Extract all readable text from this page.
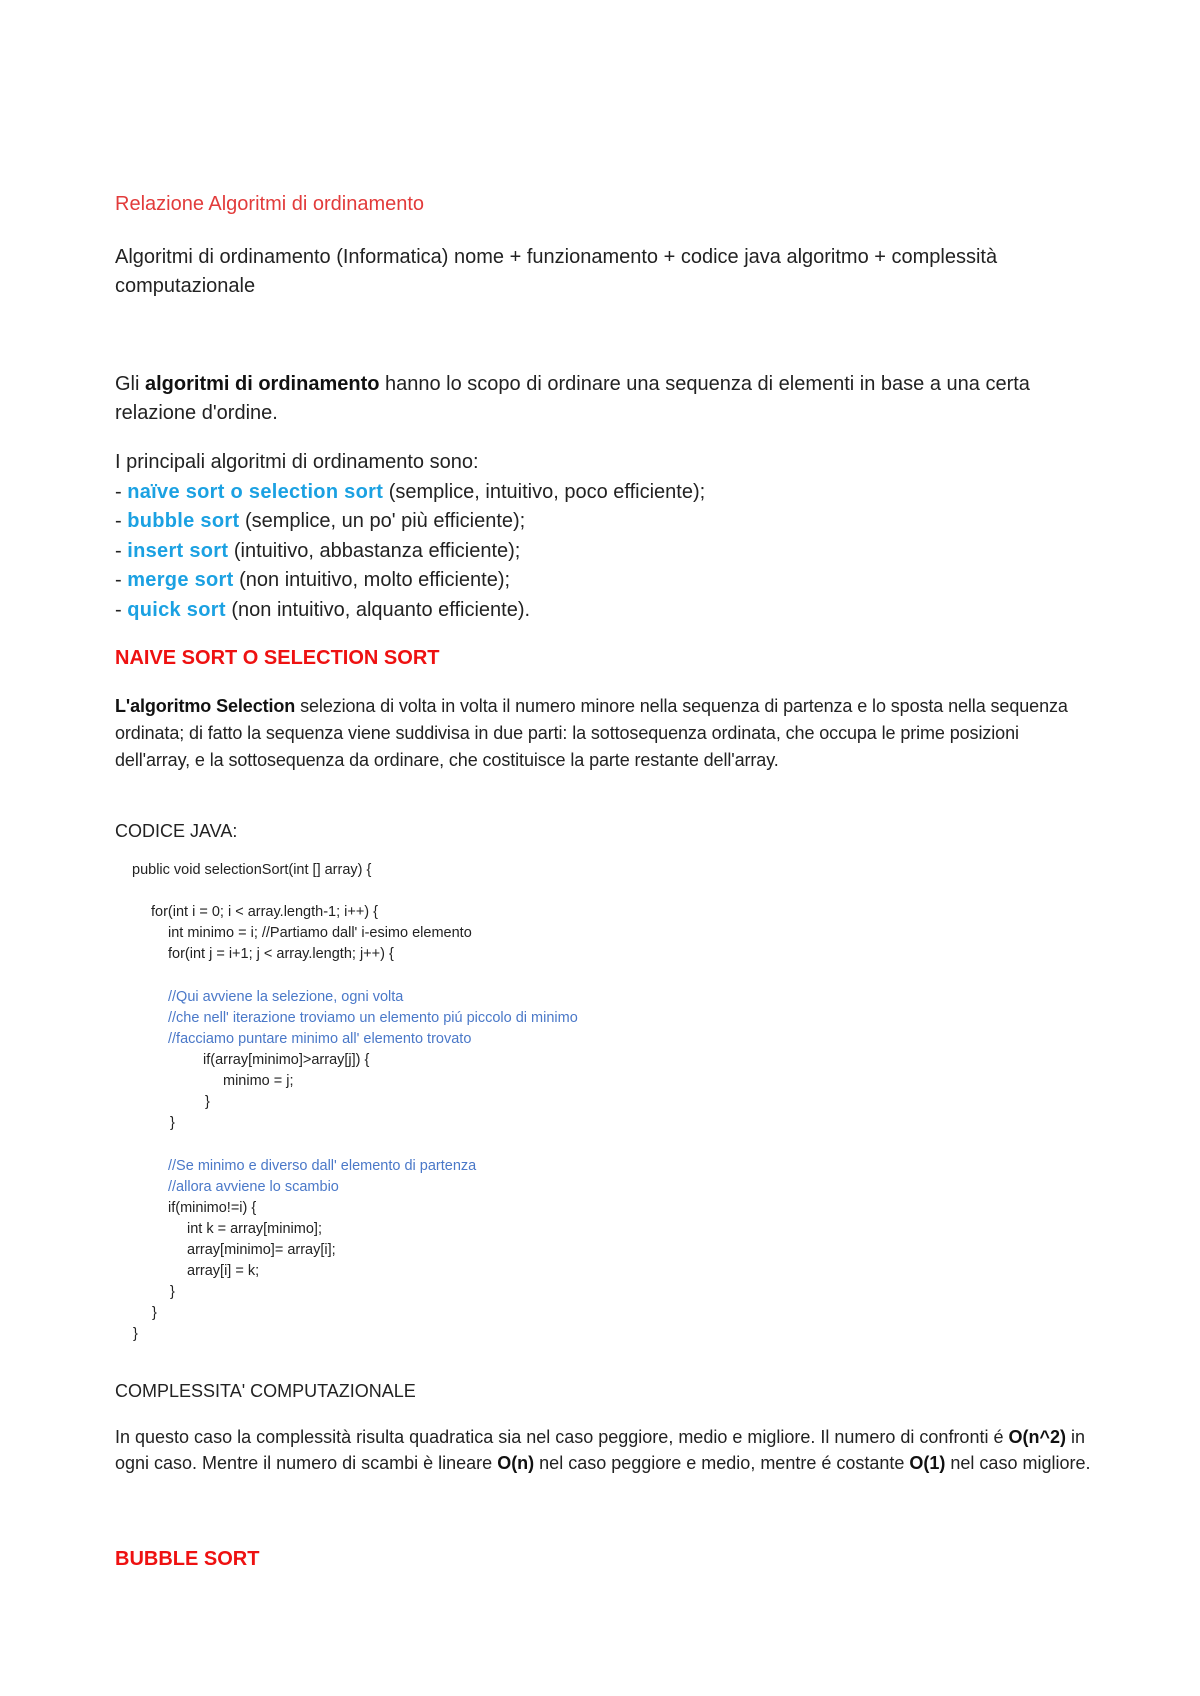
Relazione Algoritmi di ordinamento
Algoritmi di ordinamento (Informatica) nome + funzionamento + codice java algoritmo + complessità computazionale
Gli algoritmi di ordinamento hanno lo scopo di ordinare una sequenza di elementi in base a una certa relazione d'ordine.
I principali algoritmi di ordinamento sono:
- naïve sort o selection sort (semplice, intuitivo, poco efficiente);
- bubble sort (semplice, un po' più efficiente);
- insert sort (intuitivo, abbastanza efficiente);
- merge sort (non intuitivo, molto efficiente);
- quick sort (non intuitivo, alquanto efficiente).
NAIVE SORT O SELECTION SORT
L'algoritmo Selection seleziona di volta in volta il numero minore nella sequenza di partenza e lo sposta nella sequenza ordinata; di fatto la sequenza viene suddivisa in due parti: la sottosequenza ordinata, che occupa le prime posizioni dell'array, e la sottosequenza da ordinare, che costituisce la parte restante dell'array.
CODICE JAVA:
public void selectionSort(int [] array) {
for(int i = 0; i < array.length-1; i++) {
int minimo = i; //Partiamo dall' i-esimo elemento
for(int j = i+1; j < array.length; j++) {
//Qui avviene la selezione, ogni volta
//che nell' iterazione troviamo un elemento piú piccolo di minimo
//facciamo puntare minimo all' elemento trovato
if(array[minimo]>array[j]) {
minimo = j;
}
}
//Se minimo e diverso dall' elemento di partenza
//allora avviene lo scambio
if(minimo!=i) {
int k = array[minimo];
array[minimo]= array[i];
array[i] = k;
}
}
}
COMPLESSITA' COMPUTAZIONALE
In questo caso la complessità risulta quadratica sia nel caso peggiore, medio e migliore. Il numero di confronti é O(n^2) in ogni caso. Mentre il numero di scambi è lineare O(n) nel caso peggiore e medio, mentre é costante O(1) nel caso migliore.
BUBBLE SORT
